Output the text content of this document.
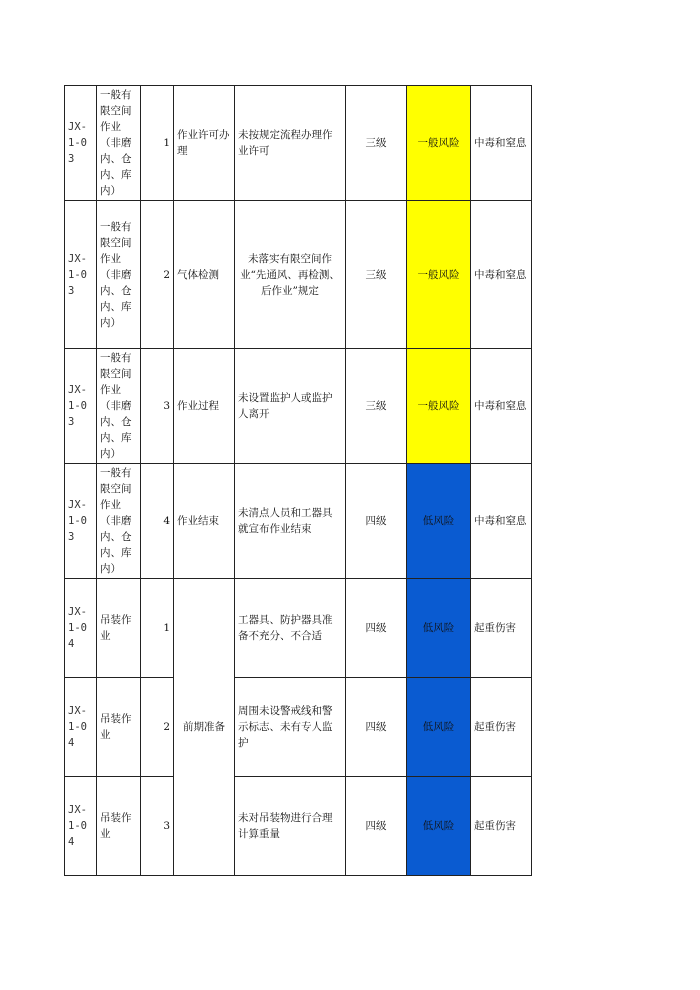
JX-1-03	一般有限空间作业（非磨内、仓内、库内）	1	作业许可办理	未按规定流程办理作业许可	三级	一般风险	中毒和窒息
JX-1-03	一般有限空间作业（非磨内、仓内、库内）	2	气体检测	未落实有限空间作业“先通风、再检测、后作业”规定	三级	一般风险	中毒和窒息
JX-1-03	一般有限空间作业（非磨内、仓内、库内）	3	作业过程	未设置监护人或监护人离开	三级	一般风险	中毒和窒息
JX-1-03	一般有限空间作业（非磨内、仓内、库内）	4	作业结束	未清点人员和工器具就宣布作业结束	四级	低风险	中毒和窒息
JX-1-04	吊装作业	1	前期准备	工器具、防护器具准备不充分、不合适	四级	低风险	起重伤害
JX-1-04	吊装作业	2		周围未设警戒线和警示标志、未有专人监护	四级	低风险	起重伤害
JX-1-04	吊装作业	3		未对吊装物进行合理计算重量	四级	低风险	起重伤害
